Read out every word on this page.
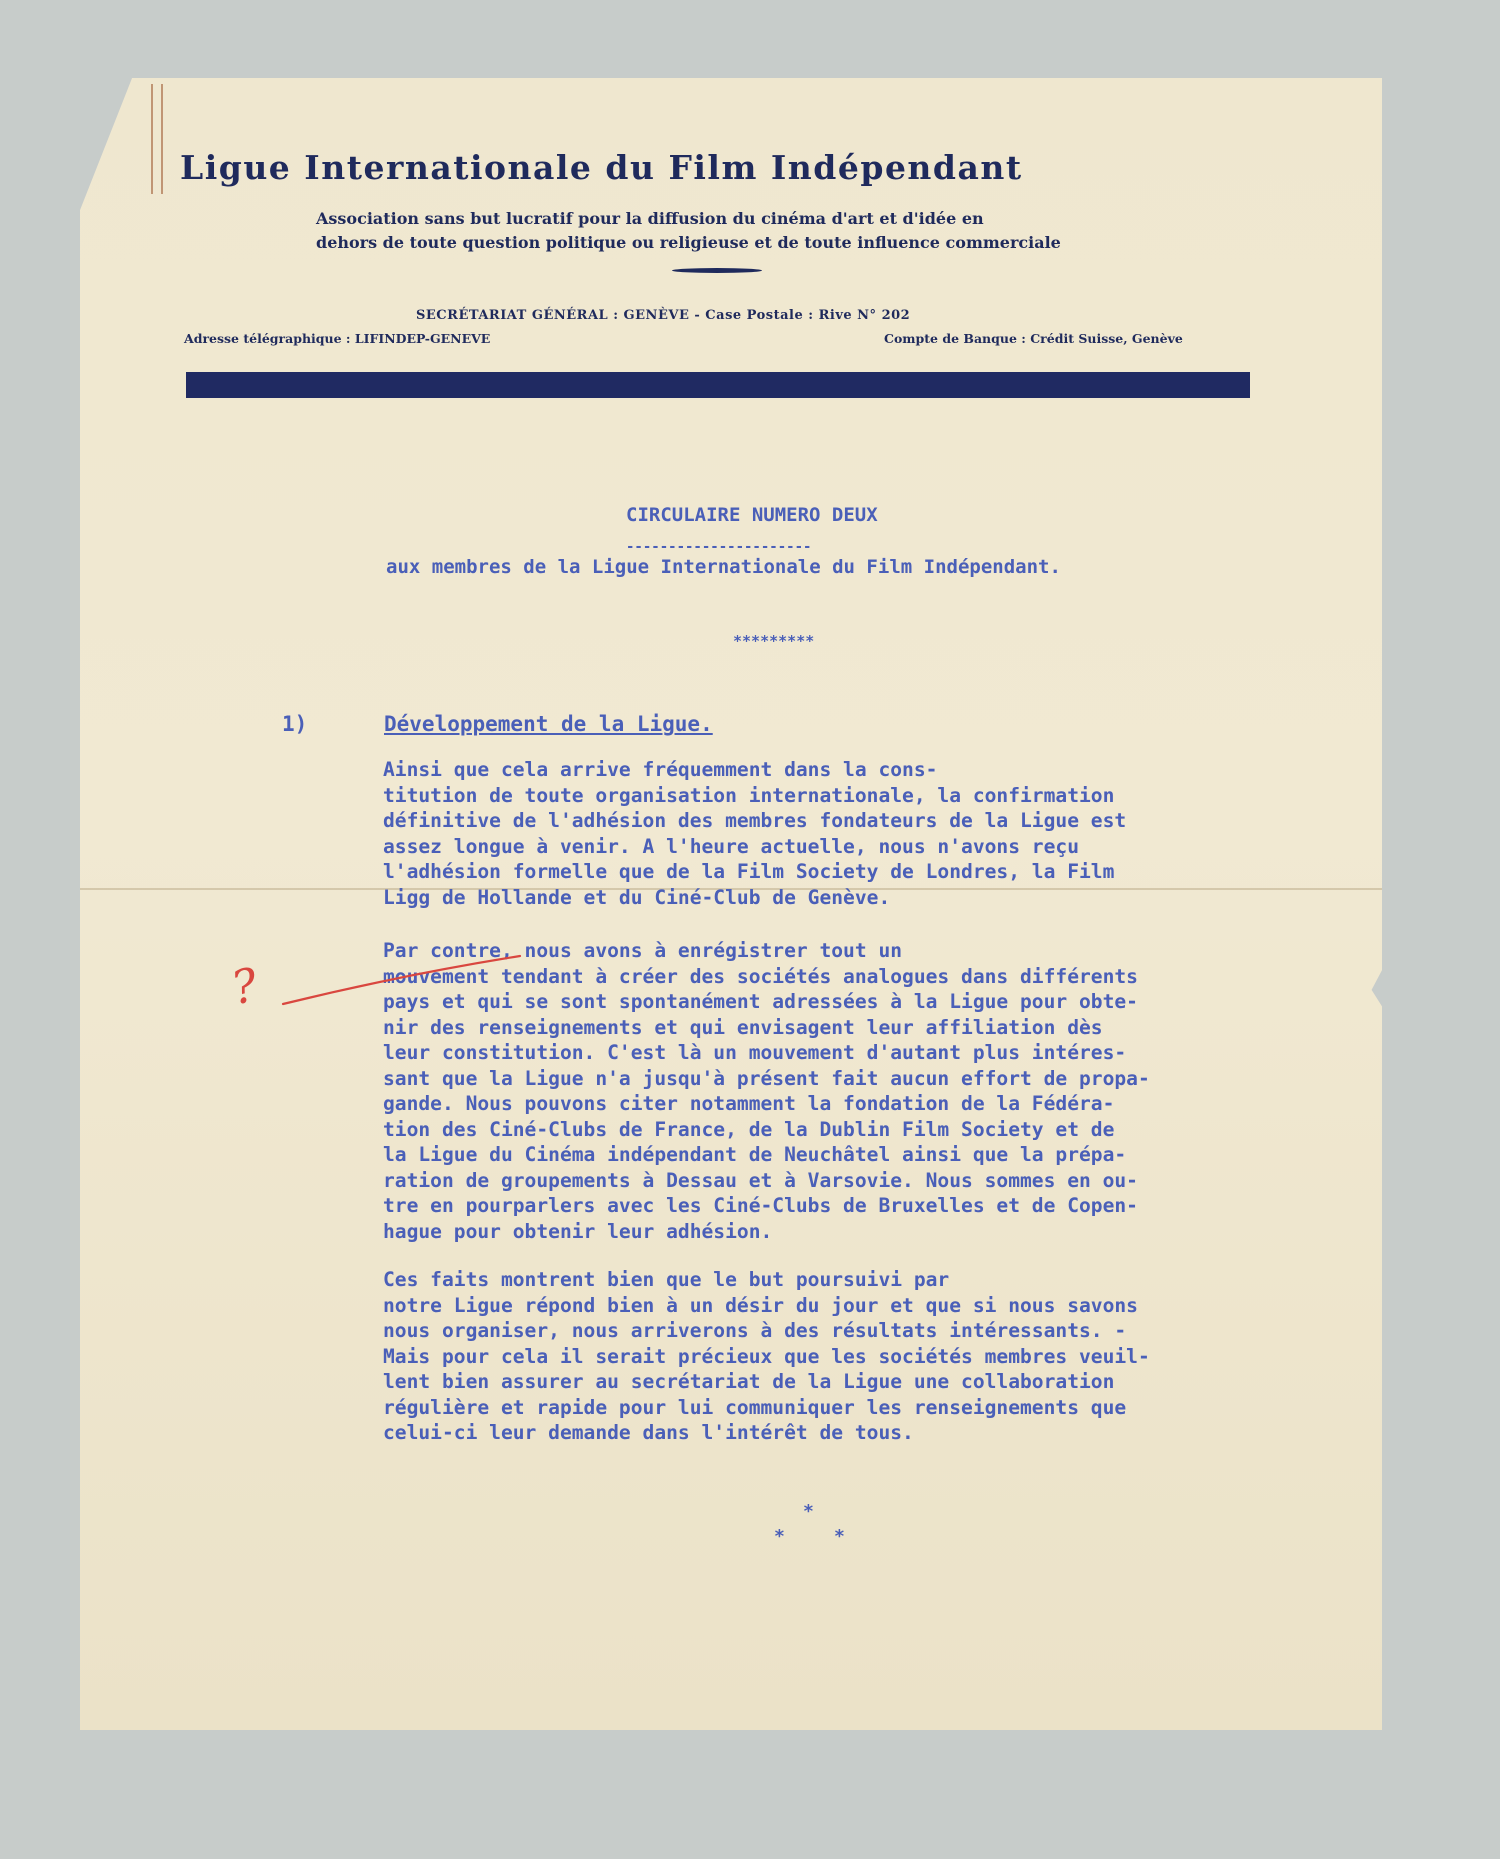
Ligue Internationale du Film Indépendant
Association sans but lucratif pour la diffusion du cinéma d'art et d'idée en
dehors de toute question politique ou religieuse et de toute influence commerciale
SECRÉTARIAT GÉNÉRAL : GENÈVE - Case Postale : Rive N° 202
Adresse télégraphique : LIFINDEP-GENEVE	Compte de Banque : Crédit Suisse, Genève
CIRCULAIRE NUMERO DEUX
----------------------
aux membres de la Ligue Internationale du Film Indépendant.
*********
1)	Développement de la Ligue.
Ainsi que cela arrive fréquemment dans la cons-
titution de toute organisation internationale, la confirmation
définitive de l'adhésion des membres fondateurs de la Ligue est
assez longue à venir. A l'heure actuelle, nous n'avons reçu
l'adhésion formelle que de la Film Society de Londres, la Film
Ligg de Hollande et du Ciné-Club de Genève.
Par contre, nous avons à enrégistrer tout un
mouvement tendant à créer des sociétés analogues dans différents
pays et qui se sont spontanément adressées à la Ligue pour obte-
nir des renseignements et qui envisagent leur affiliation dès
leur constitution. C'est là un mouvement d'autant plus intéres-
sant que la Ligue n'a jusqu'à présent fait aucun effort de propa-
gande. Nous pouvons citer notamment la fondation de la Fédéra-
tion des Ciné-Clubs de France, de la Dublin Film Society et de
la Ligue du Cinéma indépendant de Neuchâtel ainsi que la prépa-
ration de groupements à Dessau et à Varsovie. Nous sommes en ou-
tre en pourparlers avec les Ciné-Clubs de Bruxelles et de Copen-
hague pour obtenir leur adhésion.
Ces faits montrent bien que le but poursuivi par
notre Ligue répond bien à un désir du jour et que si nous savons
nous organiser, nous arriverons à des résultats intéressants. -
Mais pour cela il serait précieux que les sociétés membres veuil-
lent bien assurer au secrétariat de la Ligue une collaboration
régulière et rapide pour lui communiquer les renseignements que
celui-ci leur demande dans l'intérêt de tous.
*
*	*
?
